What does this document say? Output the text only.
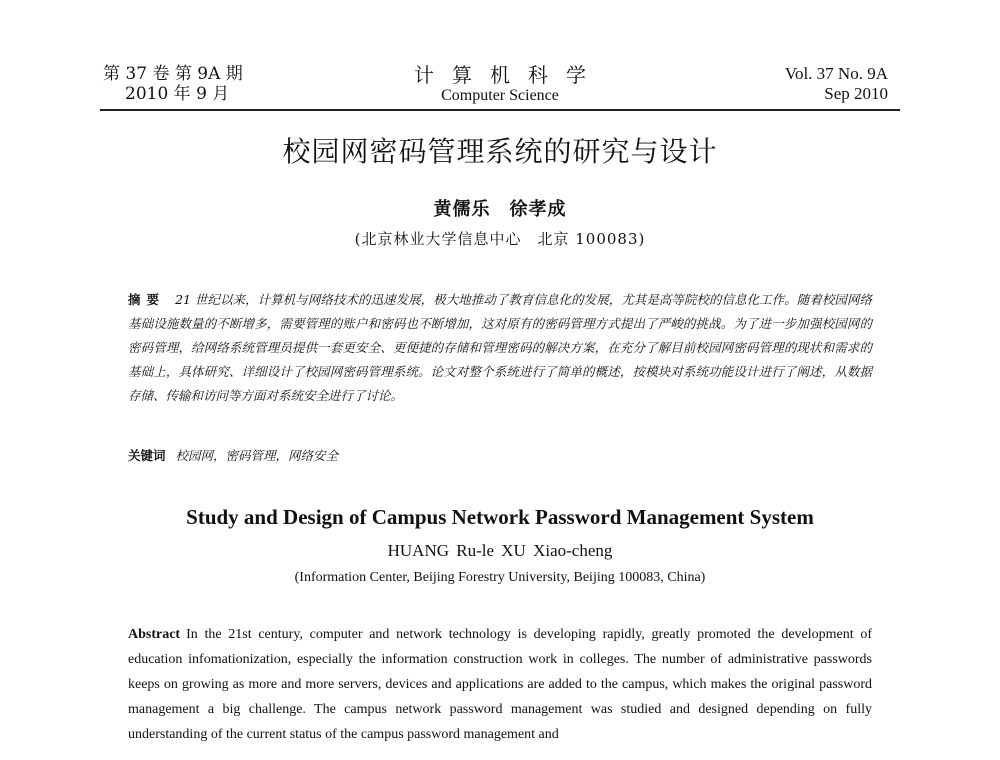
第 37 卷 第 9A 期
2010 年 9 月
计算机科学
Computer Science
Vol. 37 No. 9A
Sep 2010
校园网密码管理系统的研究与设计
黄儒乐　徐孝成
(北京林业大学信息中心　北京 100083)
摘要 21 世纪以来，计算机与网络技术的迅速发展，极大地推动了教育信息化的发展，尤其是高等院校的信息化工作。随着校园网络基础设施数量的不断增多，需要管理的账户和密码也不断增加，这对原有的密码管理方式提出了严峻的挑战。为了进一步加强校园网的密码管理，给网络系统管理员提供一套更安全、更便捷的存储和管理密码的解决方案，在充分了解目前校园网密码管理的现状和需求的基础上，具体研究、详细设计了校园网密码管理系统。论文对整个系统进行了简单的概述，按模块对系统功能设计进行了阐述，从数据存储、传输和访问等方面对系统安全进行了讨论。
关键词 校园网，密码管理，网络安全
Study and Design of Campus Network Password Management System
HUANG Ru-le XU Xiao-cheng
(Information Center, Beijing Forestry University, Beijing 100083, China)
Abstract In the 21st century, computer and network technology is developing rapidly, greatly promoted the development of education infomationization, especially the information construction work in colleges. The number of administrative passwords keeps on growing as more and more servers, devices and applications are added to the campus, which makes the original password management a big challenge. The campus network password management was studied and designed depending on fully understanding of the current status of the campus password management and
